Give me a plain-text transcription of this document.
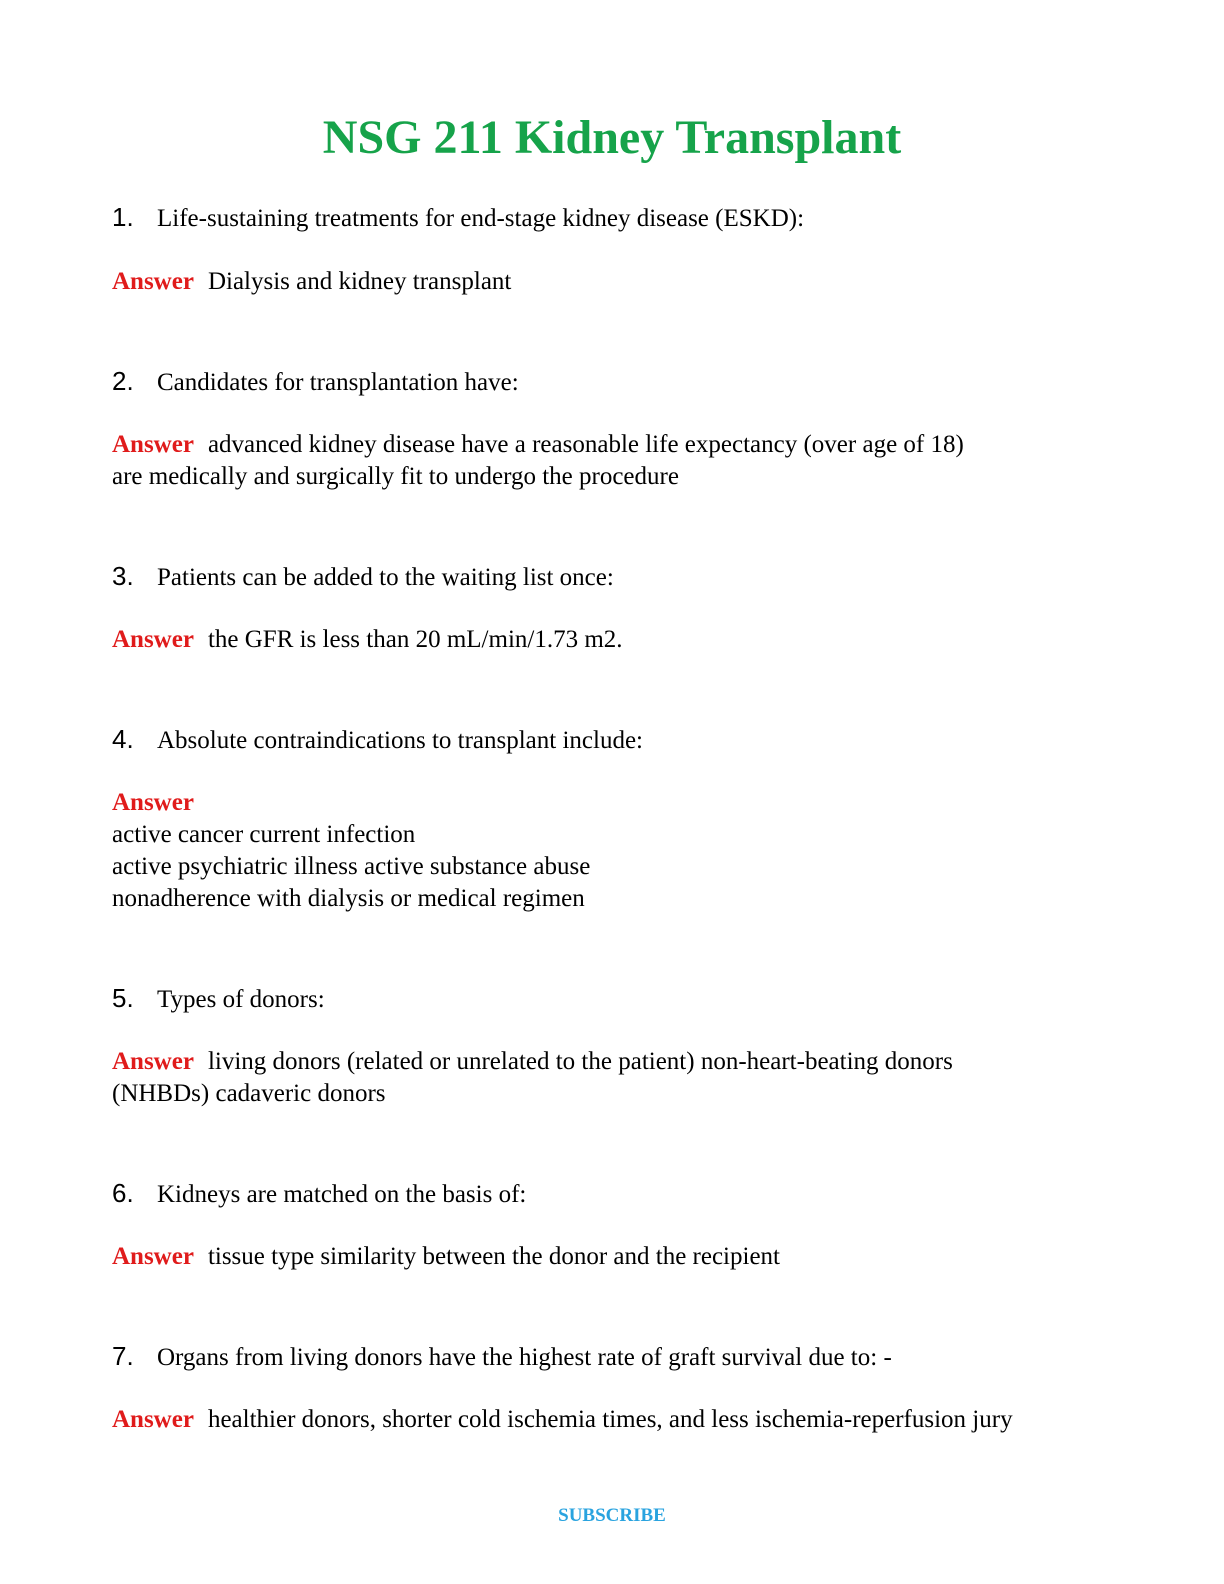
NSG 211 Kidney Transplant
1. Life-sustaining treatments for end-stage kidney disease (ESKD):
Answer Dialysis and kidney transplant
2. Candidates for transplantation have:
Answer advanced kidney disease have a reasonable life expectancy (over age of 18)
are medically and surgically fit to undergo the procedure
3. Patients can be added to the waiting list once:
Answer the GFR is less than 20 mL/min/1.73 m2.
4. Absolute contraindications to transplant include:
Answer
active cancer current infection
active psychiatric illness active substance abuse
nonadherence with dialysis or medical regimen
5. Types of donors:
Answer living donors (related or unrelated to the patient) non-heart-beating donors
(NHBDs) cadaveric donors
6. Kidneys are matched on the basis of:
Answer tissue type similarity between the donor and the recipient
7. Organs from living donors have the highest rate of graft survival due to: -
Answer healthier donors, shorter cold ischemia times, and less ischemia-reperfusion jury
SUBSCRIBE
